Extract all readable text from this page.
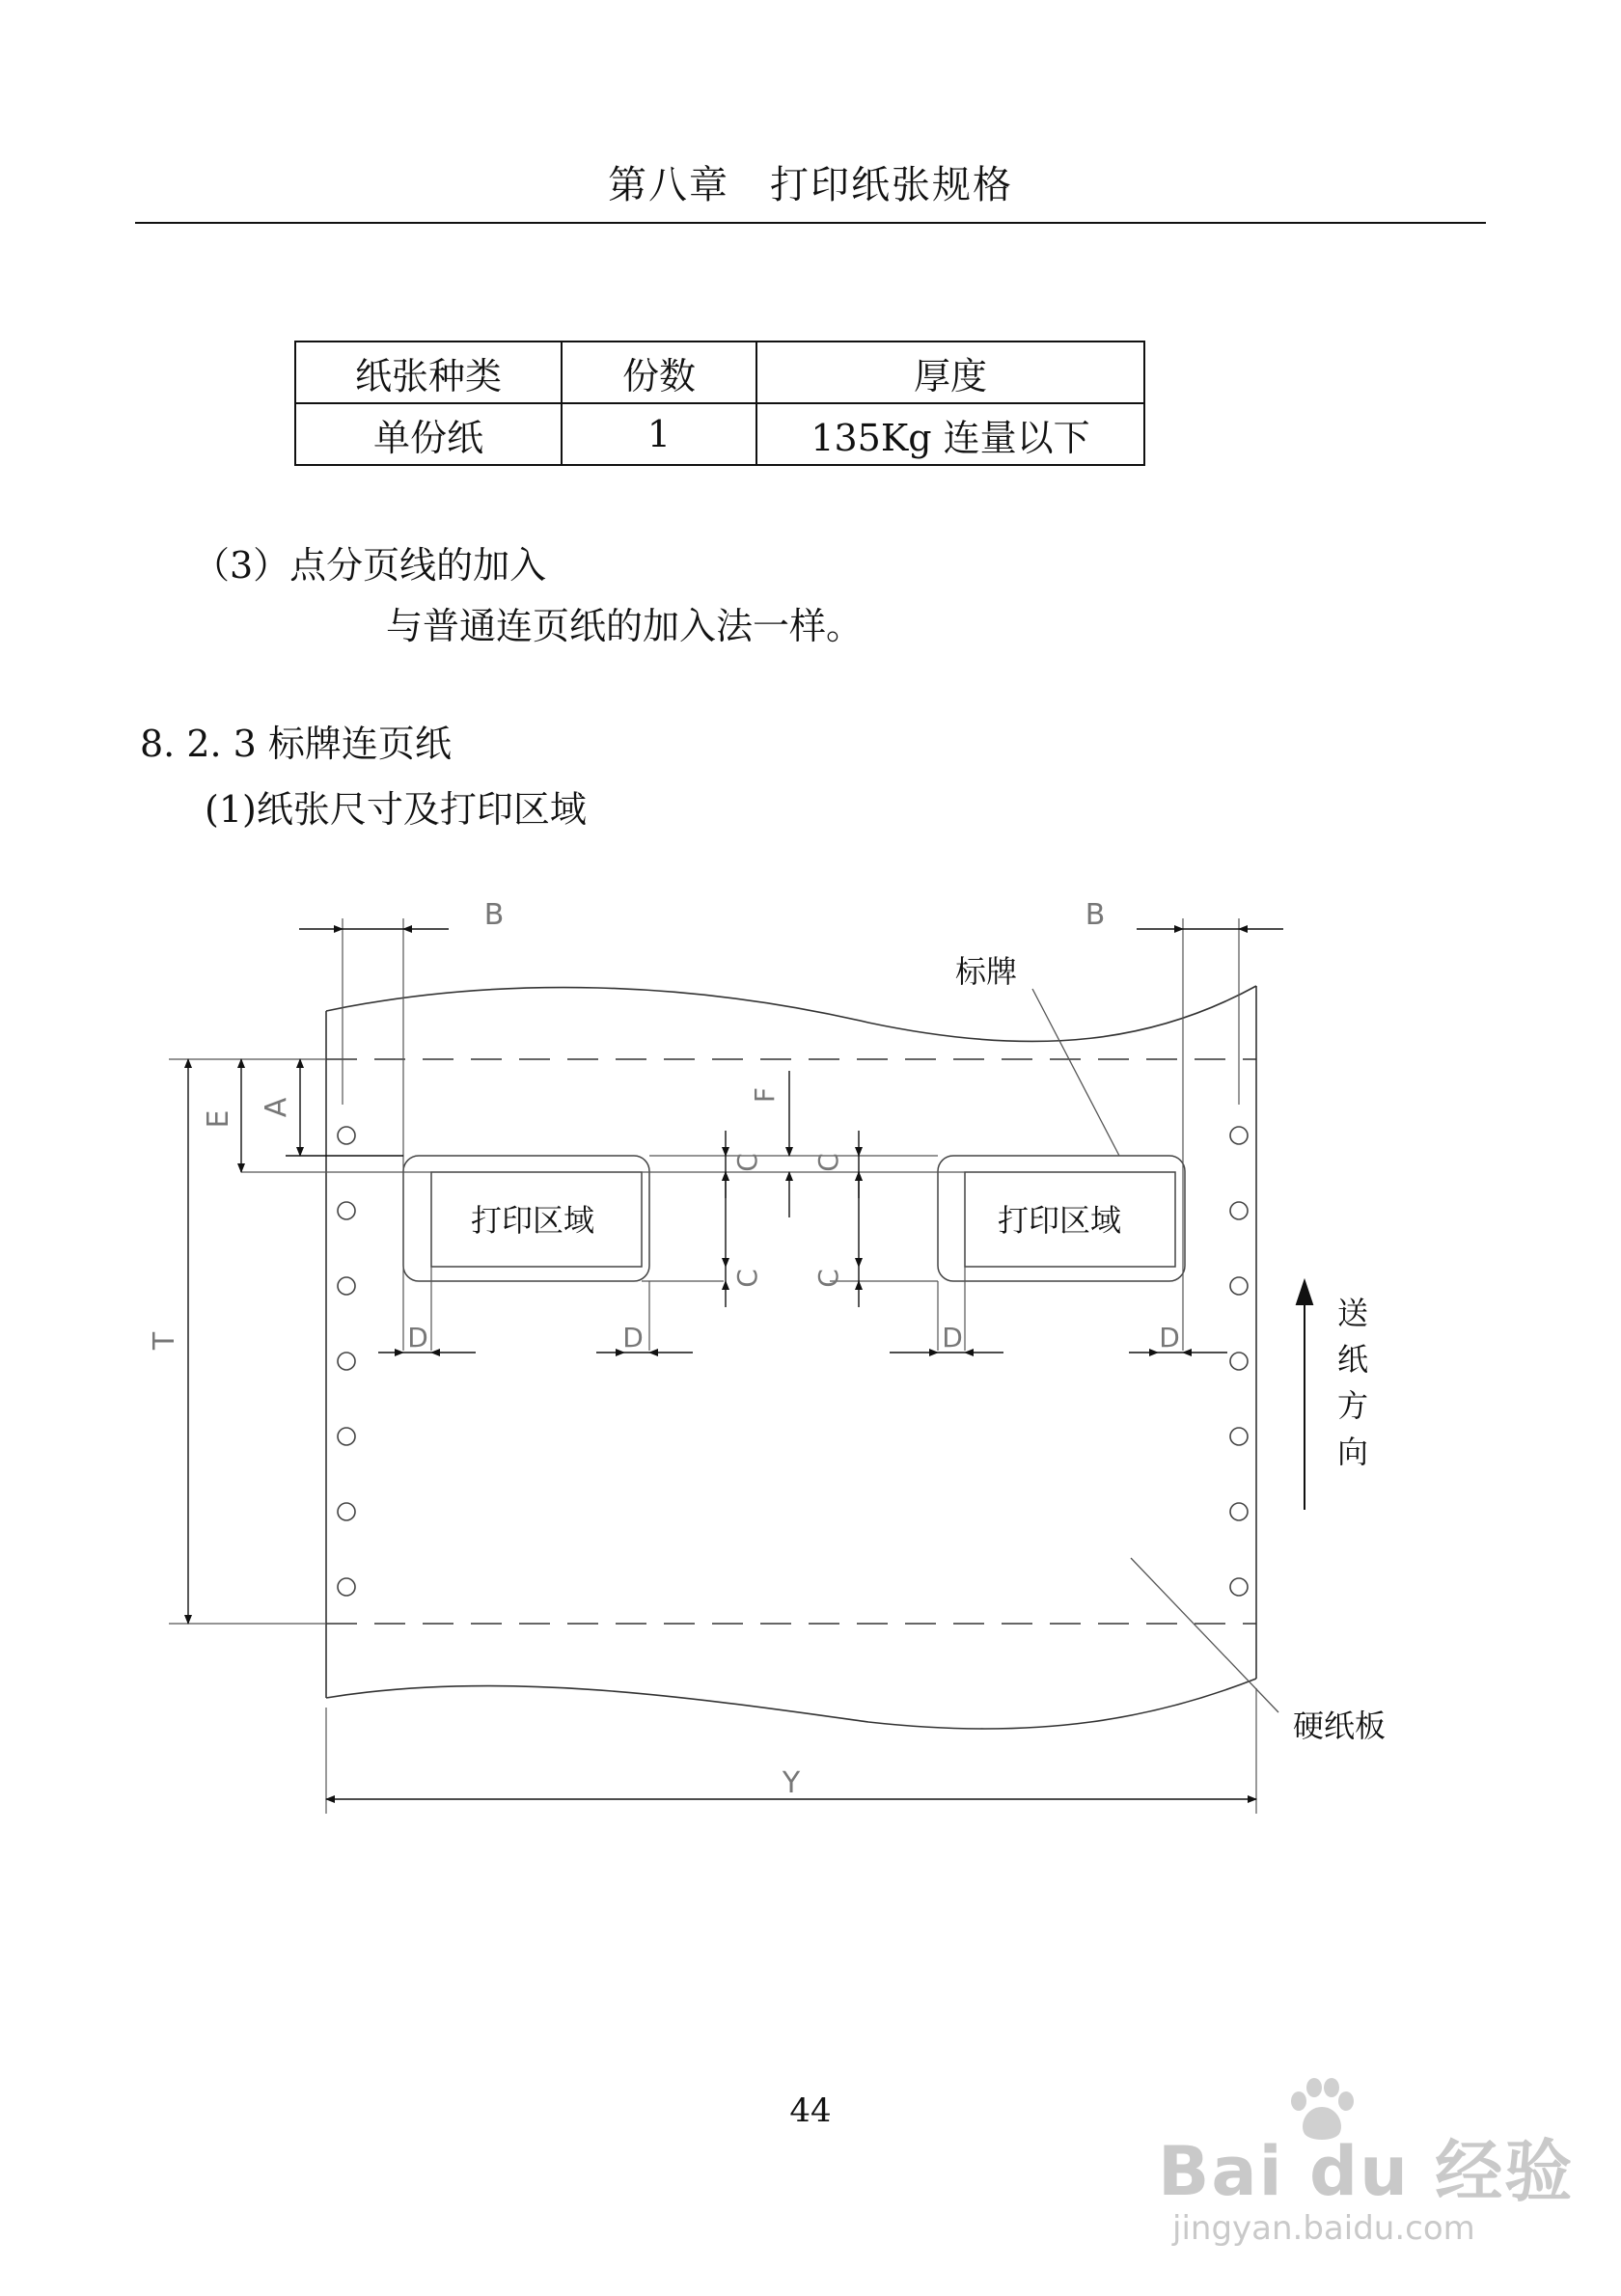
第八章　打印纸张规格
纸张种类	份数	厚度
单份纸	1	135Kg 连量以下
（3）点分页线的加入
与普通连页纸的加入法一样。
8. 2. 3 标牌连页纸
(1)纸张尺寸及打印区域
打印区域	打印区域
B	B
T
E
A
F
C
C
C
C
D	D	D	D
Y
标牌
硬纸板
送
纸
方
向
44
Bai du 经验
jingyan.baidu.com
